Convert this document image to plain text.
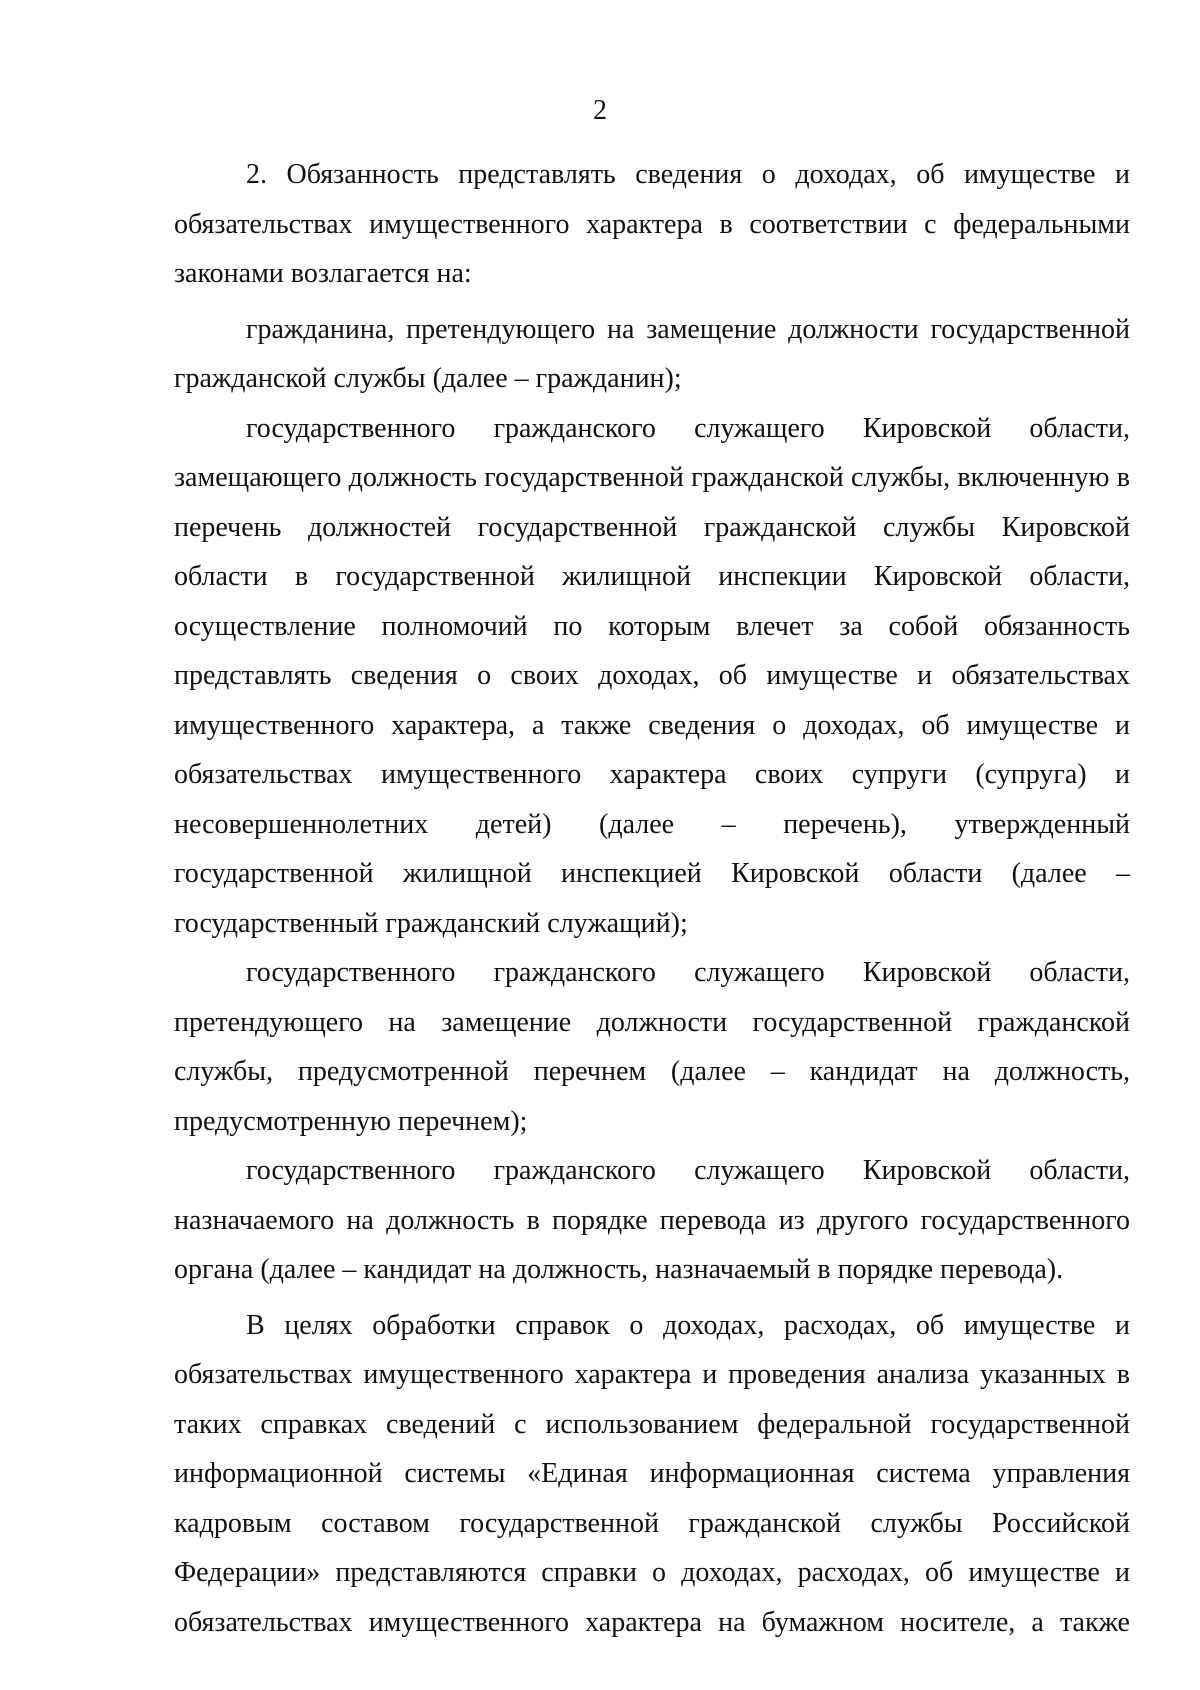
2

2. Обязанность представлять сведения о доходах, об имуществе и обязательствах имущественного характера в соответствии с федеральными законами возлагается на:

гражданина, претендующего на замещение должности государственной гражданской службы (далее – гражданин);

государственного гражданского служащего Кировской области, замещающего должность государственной гражданской службы, включенную в перечень должностей государственной гражданской службы Кировской области в государственной жилищной инспекции Кировской области, осуществление полномочий по которым влечет за собой обязанность представлять сведения о своих доходах, об имуществе и обязательствах имущественного характера, а также сведения о доходах, об имуществе и обязательствах имущественного характера своих супруги (супруга) и несовершеннолетних детей) (далее – перечень), утвержденный государственной жилищной инспекцией Кировской области (далее – государственный гражданский служащий);

государственного гражданского служащего Кировской области, претендующего на замещение должности государственной гражданской службы, предусмотренной перечнем (далее – кандидат на должность, предусмотренную перечнем);

государственного гражданского служащего Кировской области, назначаемого на должность в порядке перевода из другого государственного органа (далее – кандидат на должность, назначаемый в порядке перевода).

В целях обработки справок о доходах, расходах, об имуществе и обязательствах имущественного характера и проведения анализа указанных в таких справках сведений с использованием федеральной государственной информационной системы «Единая информационная система управления кадровым составом государственной гражданской службы Российской Федерации» представляются справки о доходах, расходах, об имуществе и обязательствах имущественного характера на бумажном носителе, а также
